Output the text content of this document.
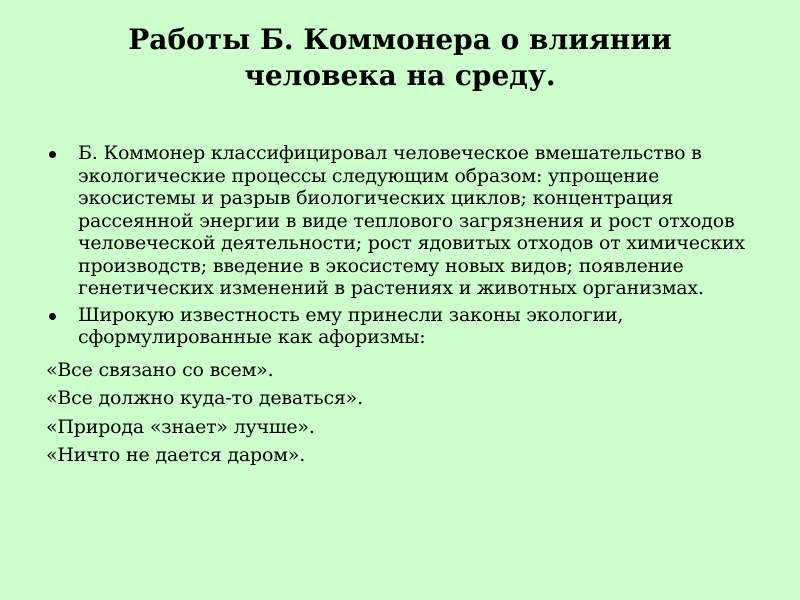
Работы Б. Коммонера о влиянии
человека на среду.
Б. Коммонер классифицировал человеческое вмешательство в экологические процессы следующим образом: упрощение экосистемы и разрыв биологических циклов; концентрация рассеянной энергии в виде теплового загрязнения и рост отходов человеческой деятельности; рост ядовитых отходов от химических производств; введение в экосистему новых видов; появление генетических изменений в растениях и животных организмах.
Широкую известность ему принесли законы экологии, сформулированные как афоризмы:
«Все связано со всем».
«Все должно куда-то деваться».
«Природа «знает» лучше».
«Ничто не дается даром».
